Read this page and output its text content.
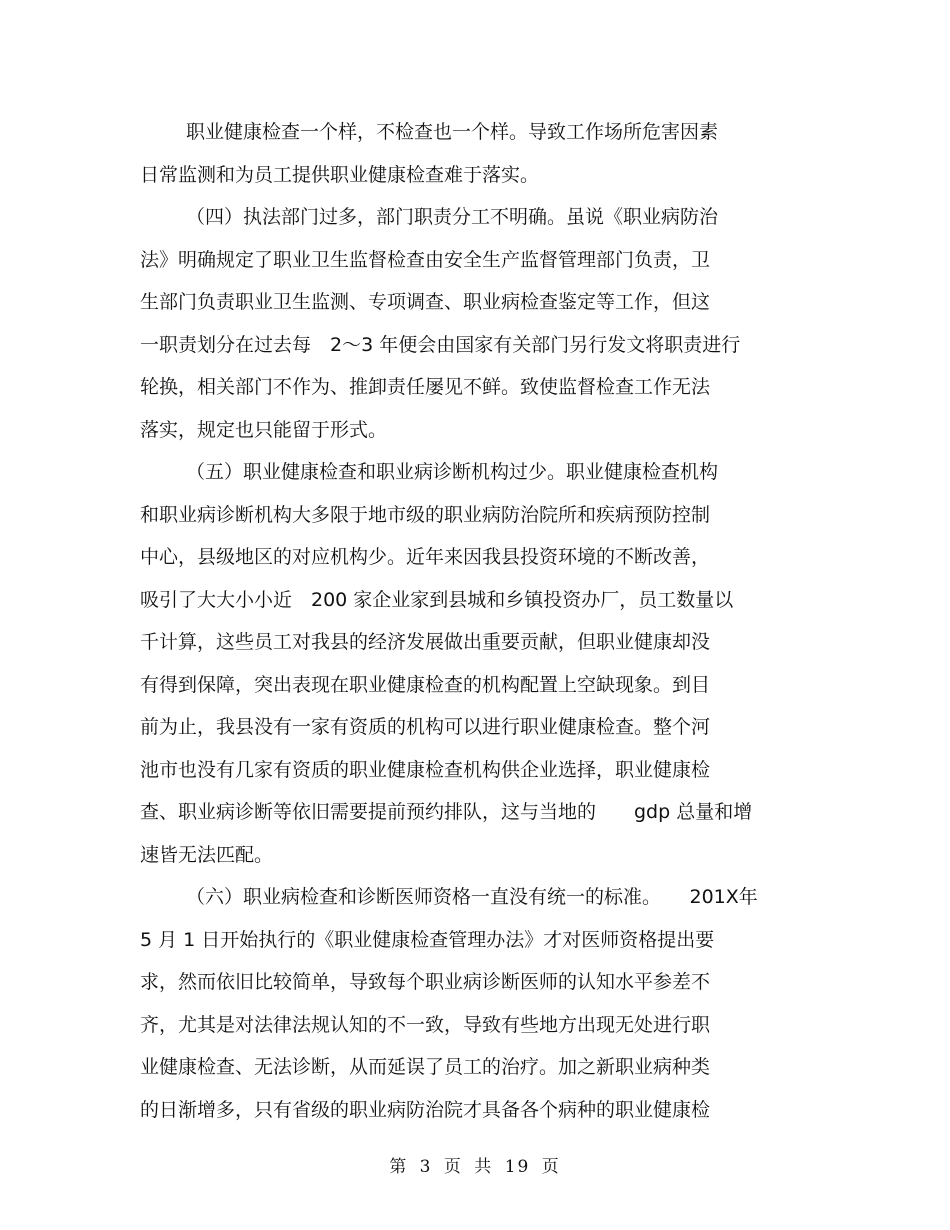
职业健康检查一个样，不检查也一个样。导致工作场所危害因素
日常监测和为员工提供职业健康检查难于落实。
（四）执法部门过多，部门职责分工不明确。虽说《职业病防治
法》明确规定了职业卫生监督检查由安全生产监督管理部门负责，卫
生部门负责职业卫生监测、专项调查、职业病检查鉴定等工作，但这
一职责划分在过去每　2～3 年便会由国家有关部门另行发文将职责进行
轮换，相关部门不作为、推卸责任屡见不鲜。致使监督检查工作无法
落实，规定也只能留于形式。
（五）职业健康检查和职业病诊断机构过少。职业健康检查机构
和职业病诊断机构大多限于地市级的职业病防治院所和疾病预防控制
中心，县级地区的对应机构少。近年来因我县投资环境的不断改善，
吸引了大大小小近　200 家企业家到县城和乡镇投资办厂，员工数量以
千计算，这些员工对我县的经济发展做出重要贡献，但职业健康却没
有得到保障，突出表现在职业健康检查的机构配置上空缺现象。到目
前为止，我县没有一家有资质的机构可以进行职业健康检查。整个河
池市也没有几家有资质的职业健康检查机构供企业选择，职业健康检
查、职业病诊断等依旧需要提前预约排队，这与当地的　　gdp 总量和增
速皆无法匹配。
（六）职业病检查和诊断医师资格一直没有统一的标准。　　201X年
5 月 1 日开始执行的《职业健康检查管理办法》才对医师资格提出要
求，然而依旧比较简单，导致每个职业病诊断医师的认知水平参差不
齐，尤其是对法律法规认知的不一致，导致有些地方出现无处进行职
业健康检查、无法诊断，从而延误了员工的治疗。加之新职业病种类
的日渐增多，只有省级的职业病防治院才具备各个病种的职业健康检
第 3 页 共 19 页
